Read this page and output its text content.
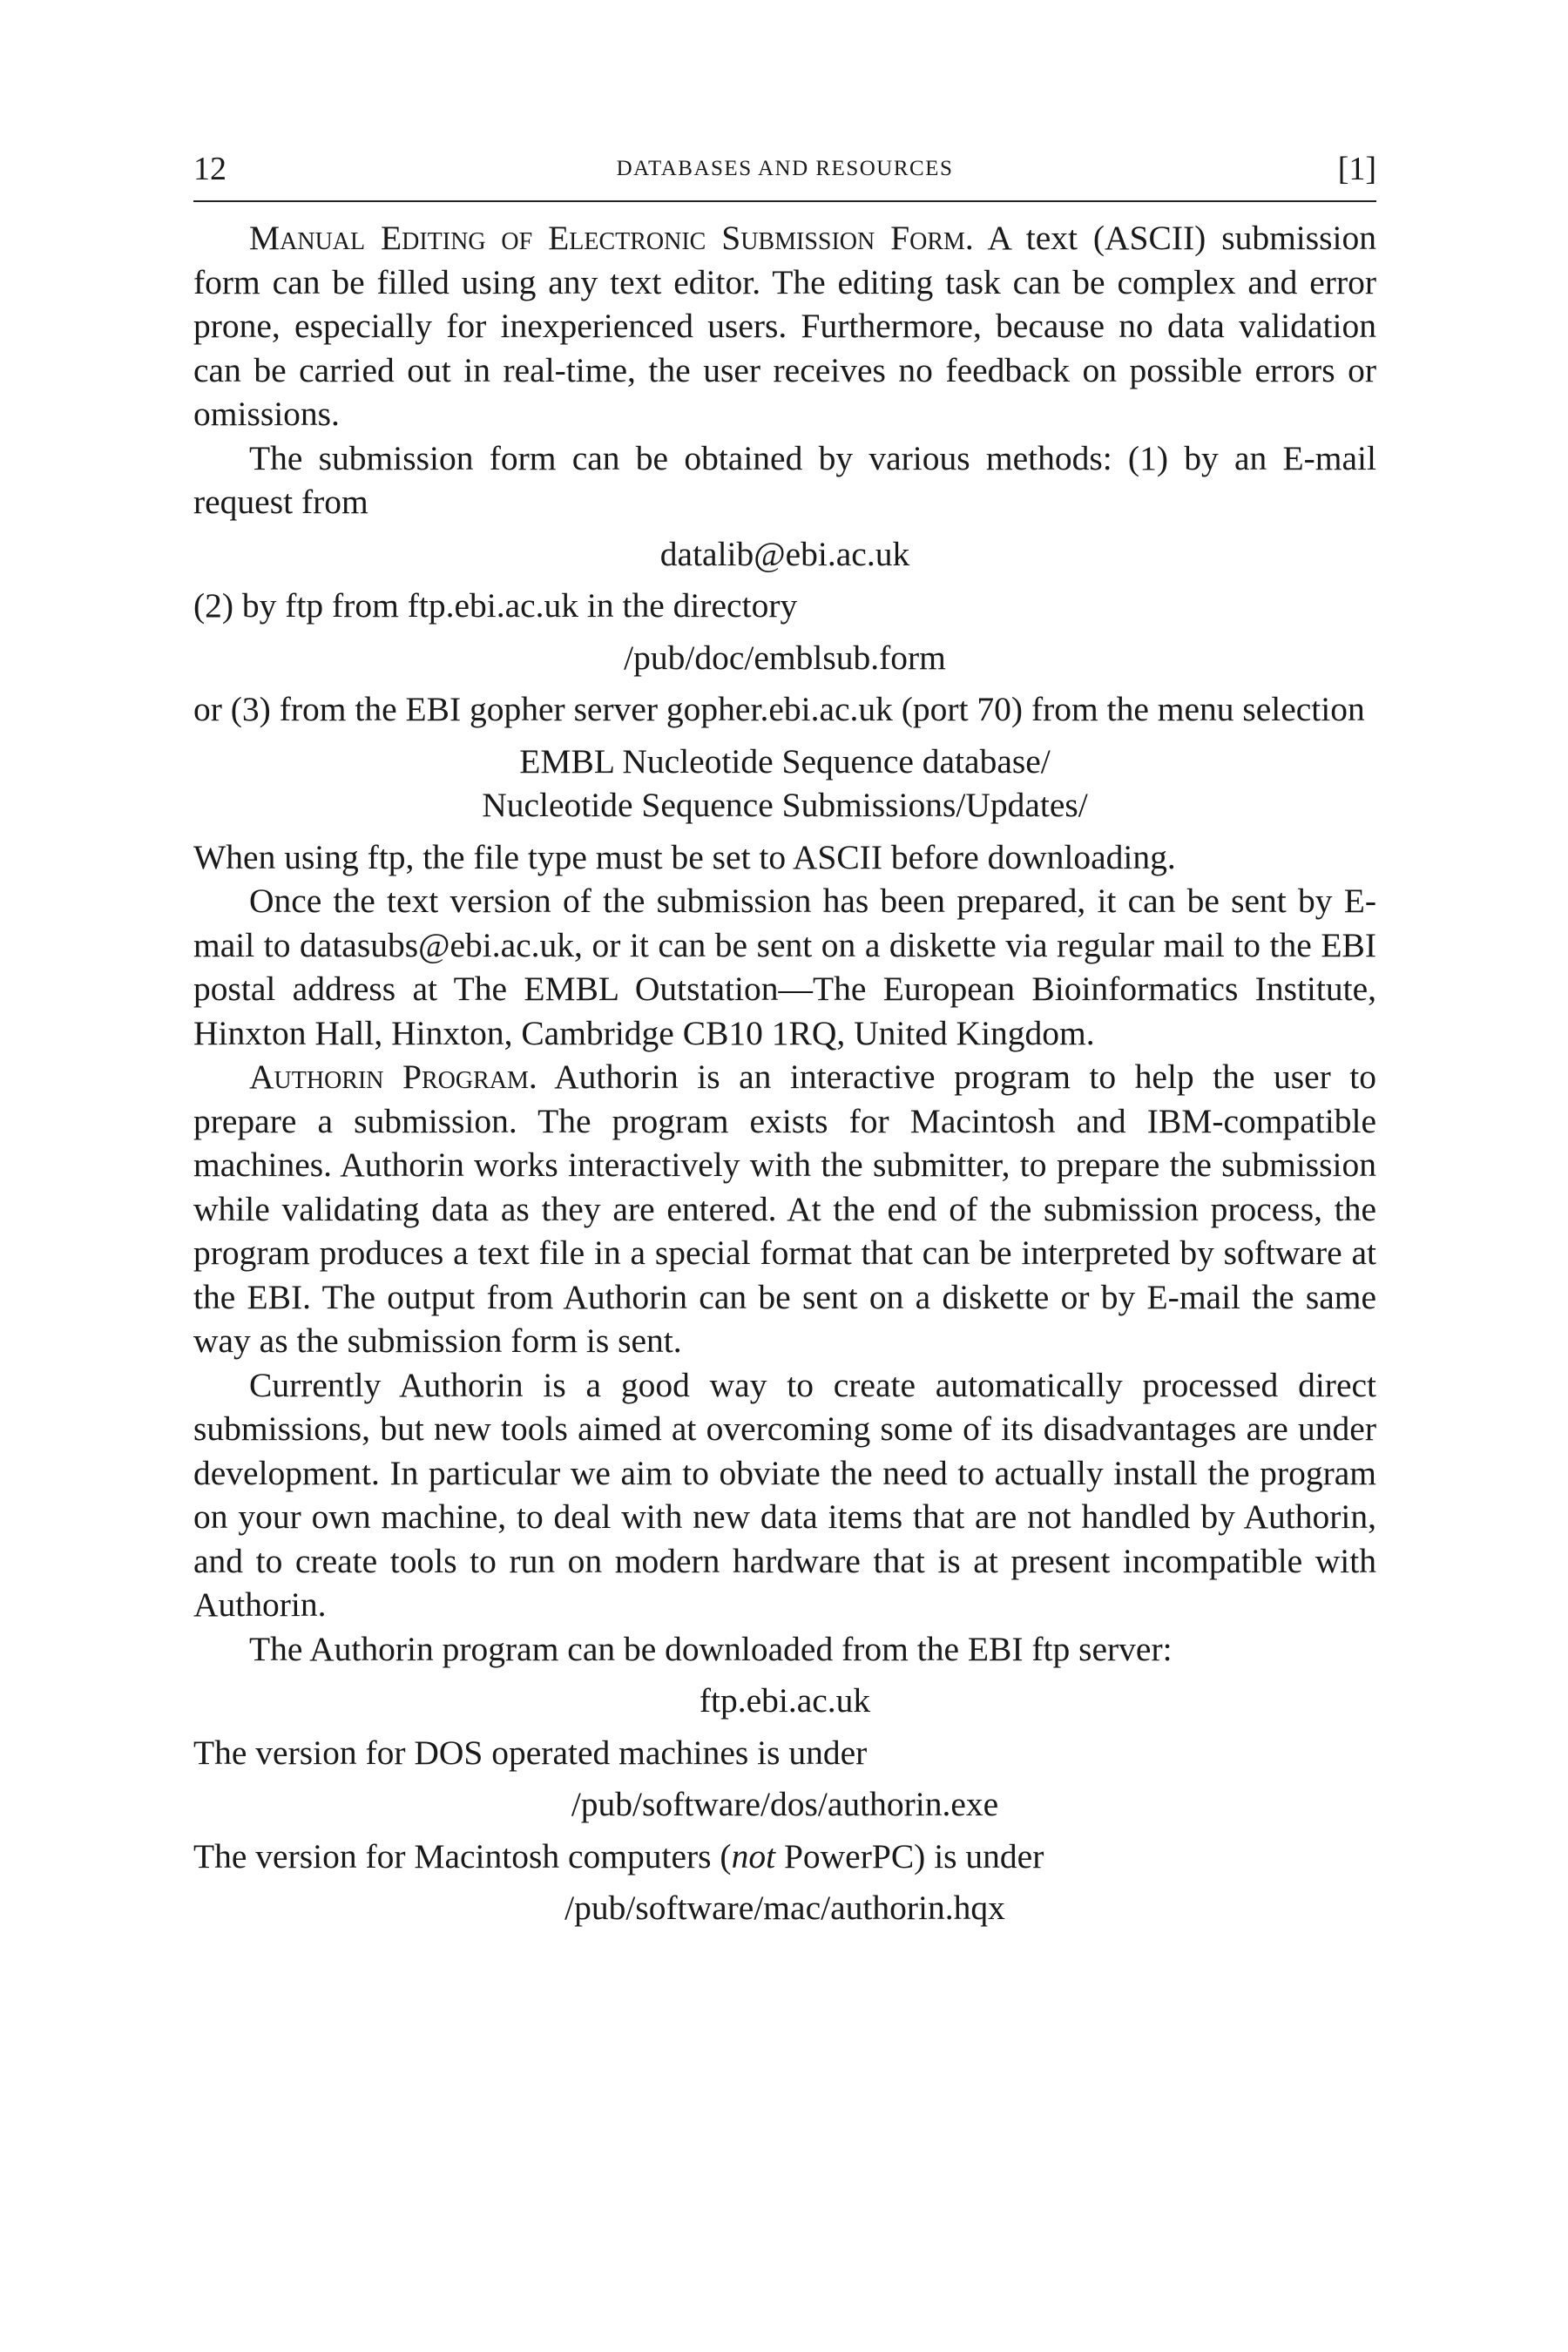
12	DATABASES AND RESOURCES	[1]

Manual Editing of Electronic Submission Form. A text (ASCII) submission form can be filled using any text editor. The editing task can be complex and error prone, especially for inexperienced users. Furthermore, because no data validation can be carried out in real-time, the user receives no feedback on possible errors or omissions.

The submission form can be obtained by various methods: (1) by an E-mail request from

datalib@ebi.ac.uk

(2) by ftp from ftp.ebi.ac.uk in the directory

/pub/doc/emblsub.form

or (3) from the EBI gopher server gopher.ebi.ac.uk (port 70) from the menu selection

EMBL Nucleotide Sequence database/

Nucleotide Sequence Submissions/Updates/

When using ftp, the file type must be set to ASCII before downloading.

Once the text version of the submission has been prepared, it can be sent by E-mail to datasubs@ebi.ac.uk, or it can be sent on a diskette via regular mail to the EBI postal address at The EMBL Outstation—The European Bioinformatics Institute, Hinxton Hall, Hinxton, Cambridge CB10 1RQ, United Kingdom.

Authorin Program. Authorin is an interactive program to help the user to prepare a submission. The program exists for Macintosh and IBM-compatible machines. Authorin works interactively with the submitter, to prepare the submission while validating data as they are entered. At the end of the submission process, the program produces a text file in a special format that can be interpreted by software at the EBI. The output from Authorin can be sent on a diskette or by E-mail the same way as the submission form is sent.

Currently Authorin is a good way to create automatically processed direct submissions, but new tools aimed at overcoming some of its disadvantages are under development. In particular we aim to obviate the need to actually install the program on your own machine, to deal with new data items that are not handled by Authorin, and to create tools to run on modern hardware that is at present incompatible with Authorin.

The Authorin program can be downloaded from the EBI ftp server:

ftp.ebi.ac.uk

The version for DOS operated machines is under

/pub/software/dos/authorin.exe

The version for Macintosh computers (not PowerPC) is under

/pub/software/mac/authorin.hqx
